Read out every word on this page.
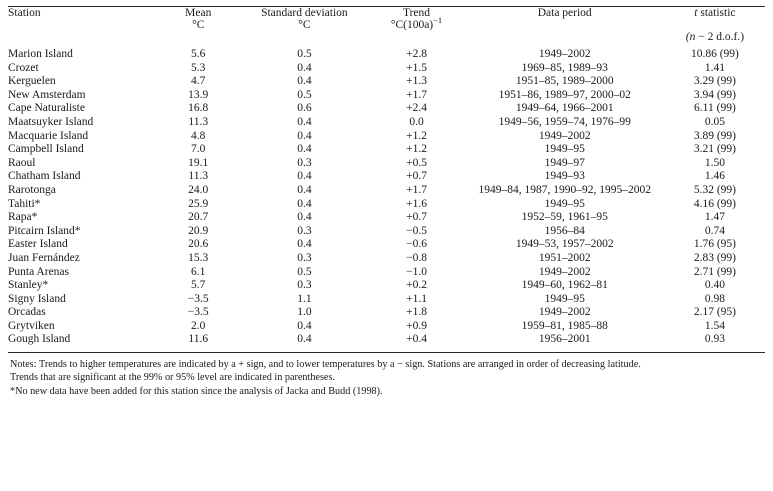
Station	Mean	Standard deviation	Trend	Data period	t statistic
	°C	°C	$^\circ C(100a)^{-1}$		
					(n − 2 d.o.f.)
Marion Island	5.6	0.5	+2.8	1949–2002	10.86 (99)
Crozet	5.3	0.4	+1.5	1969–85, 1989–93	1.41
Kerguelen	4.7	0.4	+1.3	1951–85, 1989–2000	3.29 (99)
New Amsterdam	13.9	0.5	+1.7	1951–86, 1989–97, 2000–02	3.94 (99)
Cape Naturaliste	16.8	0.6	+2.4	1949–64, 1966–2001	6.11 (99)
Maatsuyker Island	11.3	0.4	0.0	1949–56, 1959–74, 1976–99	0.05
Macquarie Island	4.8	0.4	+1.2	1949–2002	3.89 (99)
Campbell Island	7.0	0.4	+1.2	1949–95	3.21 (99)
Raoul	19.1	0.3	+0.5	1949–97	1.50
Chatham Island	11.3	0.4	+0.7	1949–93	1.46
Rarotonga	24.0	0.4	+1.7	1949–84, 1987, 1990–92, 1995–2002	5.32 (99)
Tahiti*	25.9	0.4	+1.6	1949–95	4.16 (99)
Rapa*	20.7	0.4	+0.7	1952–59, 1961–95	1.47
Pitcairn Island*	20.9	0.3	−0.5	1956–84	0.74
Easter Island	20.6	0.4	−0.6	1949–53, 1957–2002	1.76 (95)
Juan Fernández	15.3	0.3	−0.8	1951–2002	2.83 (99)
Punta Arenas	6.1	0.5	−1.0	1949–2002	2.71 (99)
Stanley*	5.7	0.3	+0.2	1949–60, 1962–81	0.40
Signy Island	−3.5	1.1	+1.1	1949–95	0.98
Orcadas	−3.5	1.0	+1.8	1949–2002	2.17 (95)
Grytviken	2.0	0.4	+0.9	1959–81, 1985–88	1.54
Gough Island	11.6	0.4	+0.4	1956–2001	0.93
Notes: Trends to higher temperatures are indicated by a + sign, and to lower temperatures by a − sign. Stations are arranged in order of decreasing latitude.
Trends that are significant at the 99% or 95% level are indicated in parentheses.
*No new data have been added for this station since the analysis of Jacka and Budd (1998).
